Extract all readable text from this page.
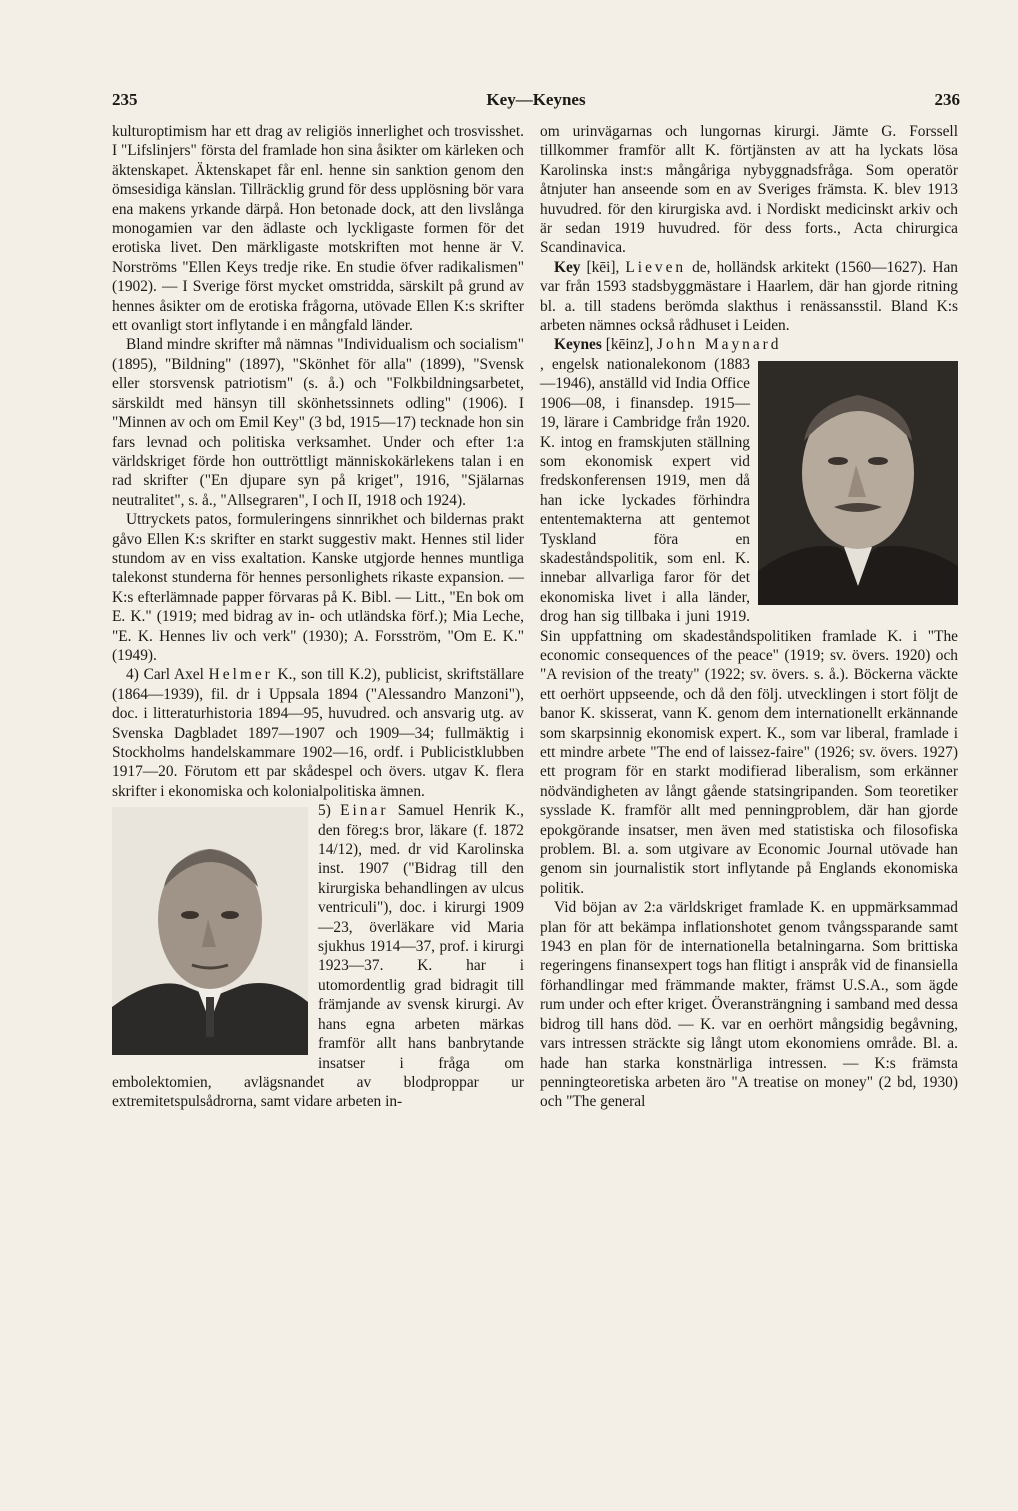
235	Key—Keynes	236

kulturoptimism har ett drag av religiös innerlighet och trosvisshet. I "Lifslinjers" första del framlade hon sina åsikter om kärleken och äktenskapet. Äktenskapet får enl. henne sin sanktion genom den ömsesidiga känslan. Tillräcklig grund för dess upplösning bör vara ena makens yrkande därpå. Hon betonade dock, att den livslånga monogamien var den ädlaste och lyckligaste formen för det erotiska livet. Den märkligaste motskriften mot henne är V. Norströms "Ellen Keys tredje rike. En studie öfver radikalismen" (1902). — I Sverige först mycket omstridda, särskilt på grund av hennes åsikter om de erotiska frågorna, utövade Ellen K:s skrifter ett ovanligt stort inflytande i en mångfald länder.

Bland mindre skrifter må nämnas "Individualism och socialism" (1895), "Bildning" (1897), "Skönhet för alla" (1899), "Svensk eller storsvensk patriotism" (s. å.) och "Folkbildningsarbetet, särskildt med hänsyn till skönhetssinnets odling" (1906). I "Minnen av och om Emil Key" (3 bd, 1915—17) tecknade hon sin fars levnad och politiska verksamhet. Under och efter 1:a världskriget förde hon outtröttligt människokärlekens talan i en rad skrifter ("En djupare syn på kriget", 1916, "Själarnas neutralitet", s. å., "Allsegraren", I och II, 1918 och 1924).

Uttryckets patos, formuleringens sinnrikhet och bildernas prakt gåvo Ellen K:s skrifter en starkt suggestiv makt. Hennes stil lider stundom av en viss exaltation. Kanske utgjorde hennes muntliga talekonst stunderna för hennes personlighets rikaste expansion. — K:s efterlämnade papper förvaras på K. Bibl. — Litt., "En bok om E. K." (1919; med bidrag av in- och utländska förf.); Mia Leche, "E. K. Hennes liv och verk" (1930); A. Forsström, "Om E. K." (1949).

4) Carl Axel Helmer K., son till K.2), publicist, skriftställare (1864—1939), fil. dr i Uppsala 1894 ("Alessandro Manzoni"), doc. i litteraturhistoria 1894—95, huvudred. och ansvarig utg. av Svenska Dagbladet 1897—1907 och 1909—34; fullmäktig i Stockholms handelskammare 1902—16, ordf. i Publicistklubben 1917—20. Förutom ett par skådespel och övers. utgav K. flera skrifter i ekonomiska och kolonialpolitiska ämnen.

5) Einar Samuel Henrik K., den föreg:s bror, läkare (f. 1872 14/12), med. dr vid Karolinska inst. 1907 ("Bidrag till den kirurgiska behandlingen av ulcus ventriculi"), doc. i kirurgi 1909—23, överläkare vid Maria sjukhus 1914—37, prof. i kirurgi 1923—37. K. har i utomordentlig grad bidragit till främjande av svensk kirurgi. Av hans egna arbeten märkas framför allt hans banbrytande insatser i fråga om embolektomien, avlägsnandet av blodproppar ur extremitetspulsådrorna, samt vidare arbeten in-

om urinvägarnas och lungornas kirurgi. Jämte G. Forssell tillkommer framför allt K. förtjänsten av att ha lyckats lösa Karolinska inst:s mångåriga nybyggnadsfråga. Som operatör åtnjuter han anseende som en av Sveriges främsta. K. blev 1913 huvudred. för den kirurgiska avd. i Nordiskt medicinskt arkiv och är sedan 1919 huvudred. för dess forts., Acta chirurgica Scandinavica.

Key [kēi], Lieven de, holländsk arkitekt (1560—1627). Han var från 1593 stadsbyggmästare i Haarlem, där han gjorde ritning bl. a. till stadens berömda slakthus i renässansstil. Bland K:s arbeten nämnes också rådhuset i Leiden.

Keynes [kēinz], John Maynard

, engelsk nationalekonom (1883—1946), anställd vid India Office 1906—08, i finansdep. 1915—19, lärare i Cambridge från 1920. K. intog en framskjuten ställning som ekonomisk expert vid fredskonferensen 1919, men då han icke lyckades förhindra ententemakterna att gentemot Tyskland föra en skadeståndspolitik, som enl. K. innebar allvarliga faror för det ekonomiska livet i alla länder, drog han sig tillbaka i juni 1919. Sin uppfattning om skadeståndspolitiken framlade K. i "The economic consequences of the peace" (1919; sv. övers. 1920) och "A revision of the treaty" (1922; sv. övers. s. å.). Böckerna väckte ett oerhört uppseende, och då den följ. utvecklingen i stort följt de banor K. skisserat, vann K. genom dem internationellt erkännande som skarpsinnig ekonomisk expert. K., som var liberal, framlade i ett mindre arbete "The end of laissez-faire" (1926; sv. övers. 1927) ett program för en starkt modifierad liberalism, som erkänner nödvändigheten av långt gående statsingripanden. Som teoretiker sysslade K. framför allt med penningproblem, där han gjorde epokgörande insatser, men även med statistiska och filosofiska problem. Bl. a. som utgivare av Economic Journal utövade han genom sin journalistik stort inflytande på Englands ekonomiska politik.

Vid böjan av 2:a världskriget framlade K. en uppmärksammad plan för att bekämpa inflationshotet genom tvångssparande samt 1943 en plan för de internationella betalningarna. Som brittiska regeringens finansexpert togs han flitigt i anspråk vid de finansiella förhandlingar med främmande makter, främst U.S.A., som ägde rum under och efter kriget. Överansträngning i samband med dessa bidrog till hans död. — K. var en oerhört mångsidig begåvning, vars intressen sträckte sig långt utom ekonomiens område. Bl. a. hade han starka konstnärliga intressen. — K:s främsta penningteoretiska arbeten äro "A treatise on money" (2 bd, 1930) och "The general
